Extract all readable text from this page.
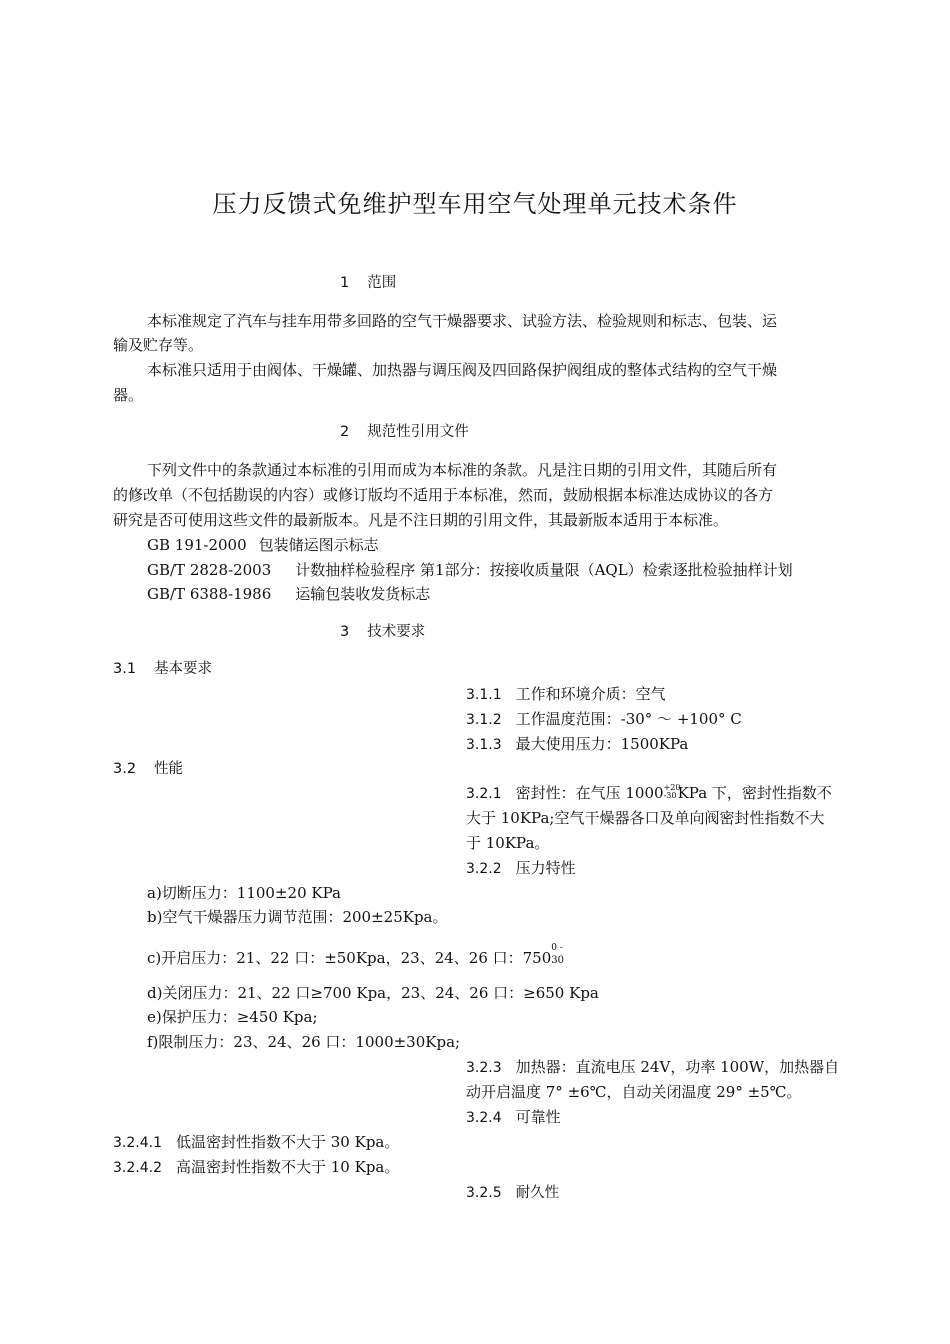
压力反馈式免维护型车用空气处理单元技术条件
1 范围
本标准规定了汽车与挂车用带多回路的空气干燥器要求、试验方法、检验规则和标志、包装、运
输及贮存等。
本标准只适用于由阀体、干燥罐、加热器与调压阀及四回路保护阀组成的整体式结构的空气干燥
器。
2 规范性引用文件
下列文件中的条款通过本标准的引用而成为本标准的条款。凡是注日期的引用文件，其随后所有
的修改单（不包括勘误的内容）或修订版均不适用于本标准，然而，鼓励根据本标准达成协议的各方
研究是否可使用这些文件的最新版本。凡是不注日期的引用文件，其最新版本适用于本标准。
GB 191-2000 包装储运图示标志
GB/T 2828-2003 计数抽样检验程序 第1部分：按接收质量限（AQL）检索逐批检验抽样计划
GB/T 6388-1986 运输包装收发货标志
3 技术要求
3.1 基本要求
3.1.1 工作和环境介质：空气
3.1.2 工作温度范围：-30° ～ +100° C
3.1.3 最大使用压力：1500KPa
3.2 性能
3.2.1 密封性：在气压 1000 +20
-30 KPa 下，密封性指数不
大于 10KPa;空气干燥器各口及单向阀密封性指数不大
于 10KPa。
3.2.2 压力特性
a)切断压力：1100±20 KPa
b)空气干燥器压力调节范围：200±25Kpa。
c)开启压力：21、22 口：±50Kpa，23、24、26 口：750
0 -
30
d)关闭压力：21、22 口≥700 Kpa，23、24、26 口：≥650 Kpa
e)保护压力：≥450 Kpa;
f)限制压力：23、24、26 口：1000±30Kpa;
3.2.3 加热器：直流电压 24V，功率 100W，加热器自
动开启温度 7° ±6℃，自动关闭温度 29° ±5℃。
3.2.4 可靠性
3.2.4.1 低温密封性指数不大于 30 Kpa。
3.2.4.2 高温密封性指数不大于 10 Kpa。
3.2.5 耐久性
